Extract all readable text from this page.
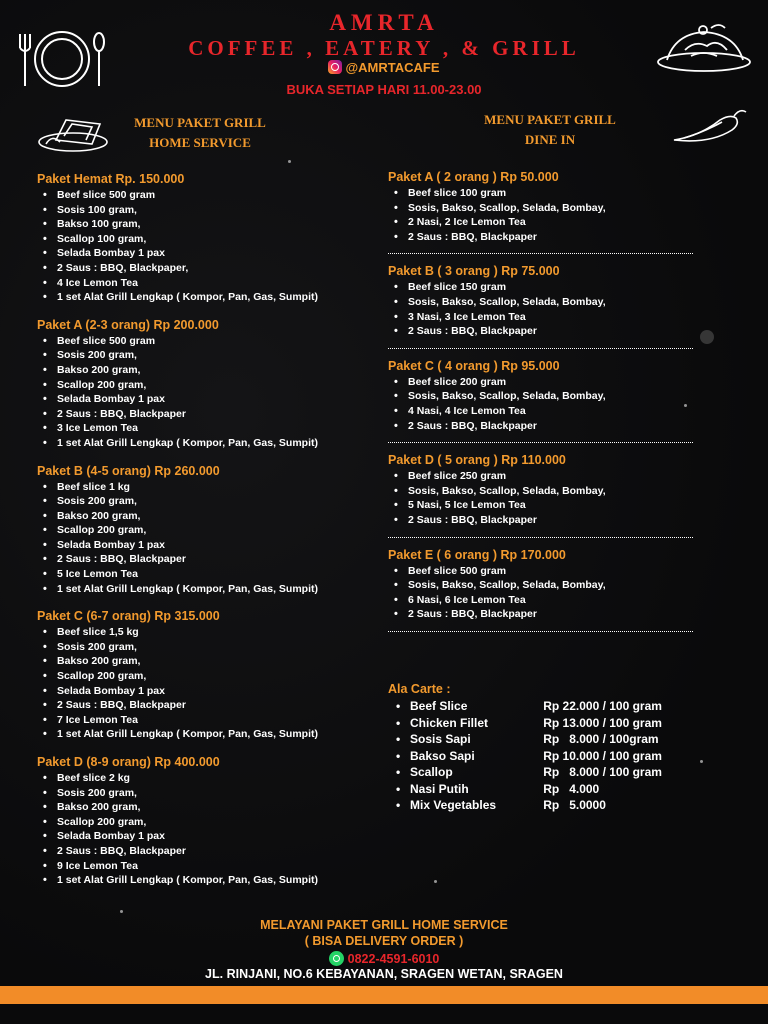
AMRTA
COFFEE , EATERY , & GRILL
@AMRTACAFE
BUKA SETIAP HARI 11.00-23.00
MENU PAKET GRILL
HOME SERVICE
MENU PAKET GRILL
DINE IN
Paket Hemat Rp. 150.000
• Beef slice 500 gram
• Sosis 100 gram,
• Bakso 100 gram,
• Scallop 100 gram,
• Selada Bombay 1 pax
• 2 Saus : BBQ, Blackpaper,
• 4 Ice Lemon Tea
• 1 set Alat Grill Lengkap ( Kompor, Pan, Gas, Sumpit)
Paket A (2-3 orang) Rp 200.000
• Beef slice 500 gram
• Sosis 200 gram,
• Bakso 200 gram,
• Scallop 200 gram,
• Selada Bombay 1 pax
• 2 Saus : BBQ, Blackpaper
• 3 Ice Lemon Tea
• 1 set Alat Grill Lengkap ( Kompor, Pan, Gas, Sumpit)
Paket B (4-5 orang) Rp 260.000
• Beef slice 1 kg
• Sosis 200 gram,
• Bakso 200 gram,
• Scallop 200 gram,
• Selada Bombay 1 pax
• 2 Saus : BBQ, Blackpaper
• 5 Ice Lemon Tea
• 1 set Alat Grill Lengkap ( Kompor, Pan, Gas, Sumpit)
Paket C (6-7 orang) Rp 315.000
• Beef slice 1,5 kg
• Sosis 200 gram,
• Bakso 200 gram,
• Scallop 200 gram,
• Selada Bombay 1 pax
• 2 Saus : BBQ, Blackpaper
• 7 Ice Lemon Tea
• 1 set Alat Grill Lengkap ( Kompor, Pan, Gas, Sumpit)
Paket D (8-9 orang) Rp 400.000
• Beef slice 2 kg
• Sosis 200 gram,
• Bakso 200 gram,
• Scallop 200 gram,
• Selada Bombay 1 pax
• 2 Saus : BBQ, Blackpaper
• 9 Ice Lemon Tea
• 1 set Alat Grill Lengkap ( Kompor, Pan, Gas, Sumpit)
Paket A ( 2 orang ) Rp 50.000
• Beef slice 100 gram
• Sosis, Bakso, Scallop, Selada, Bombay,
• 2 Nasi, 2 Ice Lemon Tea
• 2 Saus : BBQ, Blackpaper
Paket B ( 3 orang ) Rp 75.000
• Beef slice 150 gram
• Sosis, Bakso, Scallop, Selada, Bombay,
• 3 Nasi, 3 Ice Lemon Tea
• 2 Saus : BBQ, Blackpaper
Paket C ( 4 orang ) Rp 95.000
• Beef slice 200 gram
• Sosis, Bakso, Scallop, Selada, Bombay,
• 4 Nasi, 4 Ice Lemon Tea
• 2 Saus : BBQ, Blackpaper
Paket D ( 5 orang ) Rp 110.000
• Beef slice 250 gram
• Sosis, Bakso, Scallop, Selada, Bombay,
• 5 Nasi, 5 Ice Lemon Tea
• 2 Saus : BBQ, Blackpaper
Paket E ( 6 orang ) Rp 170.000
• Beef slice 500 gram
• Sosis, Bakso, Scallop, Selada, Bombay,
• 6 Nasi, 6 Ice Lemon Tea
• 2 Saus : BBQ, Blackpaper
Ala Carte :
• Beef Slice	Rp 22.000 / 100 gram
• Chicken Fillet	Rp 13.000 / 100 gram
• Sosis Sapi	Rp   8.000 / 100gram
• Bakso Sapi	Rp 10.000 / 100 gram
• Scallop	Rp   8.000 / 100 gram
• Nasi Putih	Rp   4.000
• Mix Vegetables	Rp   5.0000
MELAYANI PAKET GRILL HOME SERVICE
( BISA DELIVERY ORDER )
0822-4591-6010
JL. RINJANI, NO.6 KEBAYANAN, SRAGEN WETAN, SRAGEN
